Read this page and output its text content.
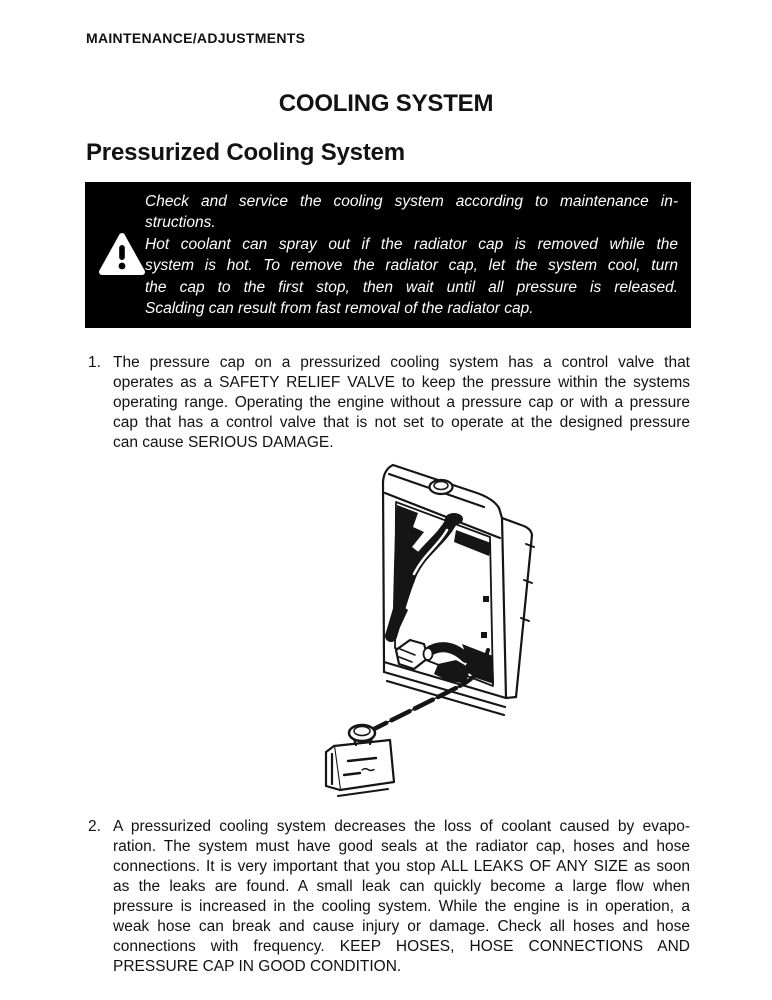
MAINTENANCE/ADJUSTMENTS
COOLING SYSTEM
Pressurized Cooling System
Check and service the cooling system according to maintenance in-
structions.
Hot coolant can spray out if the radiator cap is removed while the
system is hot. To remove the radiator cap, let the system cool, turn
the cap to the first stop, then wait until all pressure is released.
Scalding can result from fast removal of the radiator cap.
1. The pressure cap on a pressurized cooling system has a control valve that
operates as a SAFETY RELIEF VALVE to keep the pressure within the systems
operating range. Operating the engine without a pressure cap or with a pressure
cap that has a control valve that is not set to operate at the designed pressure
can cause SERIOUS DAMAGE.
2. A pressurized cooling system decreases the loss of coolant caused by evapo-
ration. The system must have good seals at the radiator cap, hoses and hose
connections. It is very important that you stop ALL LEAKS OF ANY SIZE as soon
as the leaks are found. A small leak can quickly become a large flow when
pressure is increased in the cooling system. While the engine is in operation, a
weak hose can break and cause injury or damage. Check all hoses and hose
connections with frequency. KEEP HOSES, HOSE CONNECTIONS AND
PRESSURE CAP IN GOOD CONDITION.
